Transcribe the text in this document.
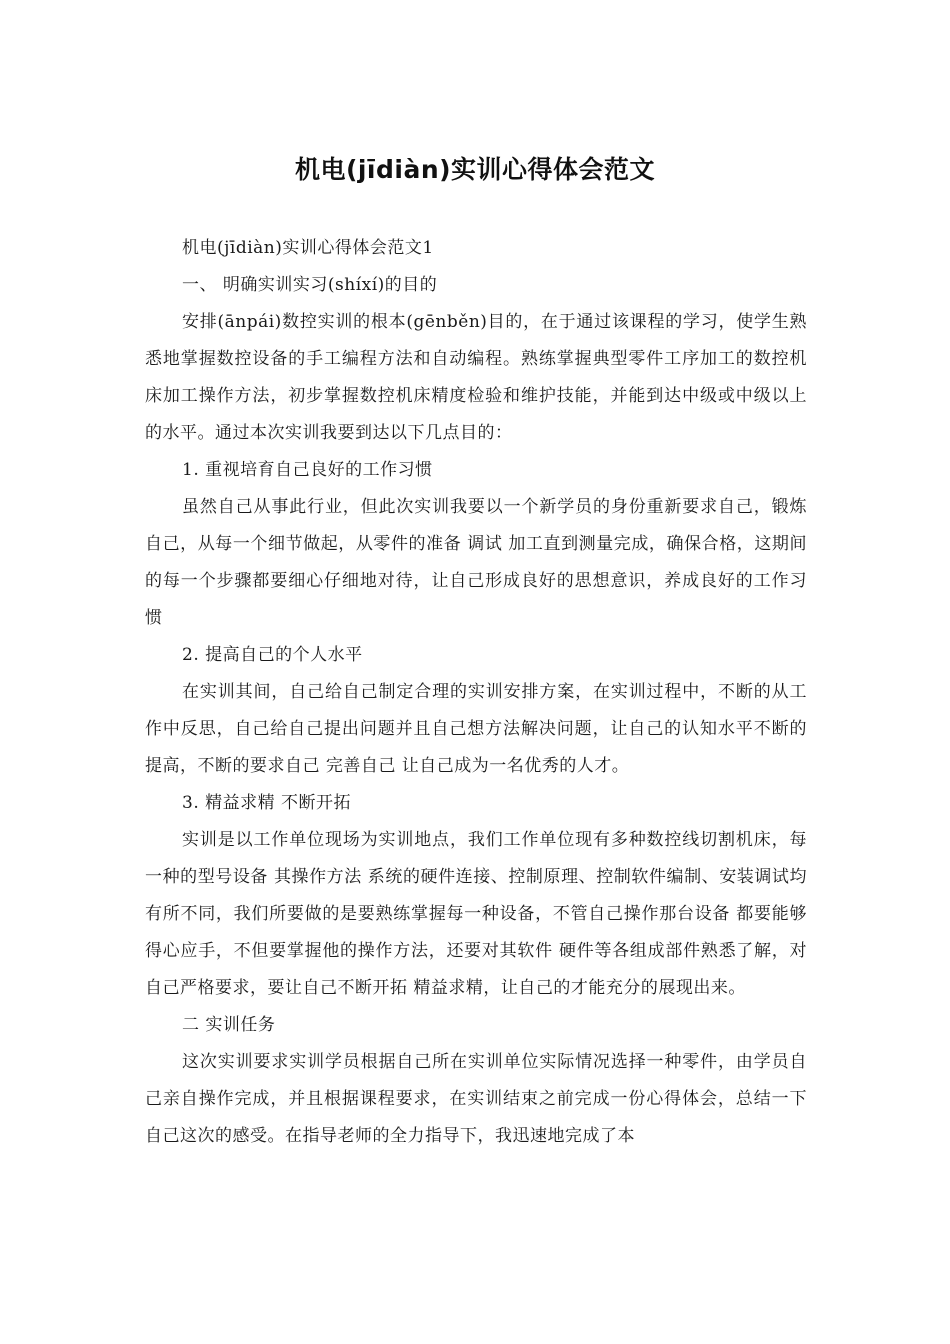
机电(jīdiàn)实训心得体会范文

机电(jīdiàn)实训心得体会范文1

一、 明确实训实习(shíxí)的目的

安排(ānpái)数控实训的根本(gēnběn)目的，在于通过该课程的学习，使学生熟悉地掌握数控设备的手工编程方法和自动编程。熟练掌握典型零件工序加工的数控机床加工操作方法，初步掌握数控机床精度检验和维护技能，并能到达中级或中级以上的水平。通过本次实训我要到达以下几点目的：

1. 重视培育自己良好的工作习惯

虽然自己从事此行业，但此次实训我要以一个新学员的身份重新要求自己，锻炼自己，从每一个细节做起，从零件的准备 调试 加工直到测量完成，确保合格，这期间的每一个步骤都要细心仔细地对待，让自己形成良好的思想意识，养成良好的工作习惯

2. 提高自己的个人水平

在实训其间，自己给自己制定合理的实训安排方案，在实训过程中，不断的从工作中反思，自己给自己提出问题并且自己想方法解决问题，让自己的认知水平不断的提高，不断的要求自己 完善自己 让自己成为一名优秀的人才。

3. 精益求精 不断开拓

实训是以工作单位现场为实训地点，我们工作单位现有多种数控线切割机床，每一种的型号设备 其操作方法 系统的硬件连接、控制原理、控制软件编制、安装调试均有所不同，我们所要做的是要熟练掌握每一种设备，不管自己操作那台设备 都要能够得心应手，不但要掌握他的操作方法，还要对其软件 硬件等各组成部件熟悉了解，对自己严格要求，要让自己不断开拓 精益求精，让自己的才能充分的展现出来。

二 实训任务

这次实训要求实训学员根据自己所在实训单位实际情况选择一种零件，由学员自己亲自操作完成，并且根据课程要求，在实训结束之前完成一份心得体会，总结一下自己这次的感受。在指导老师的全力指导下，我迅速地完成了本
